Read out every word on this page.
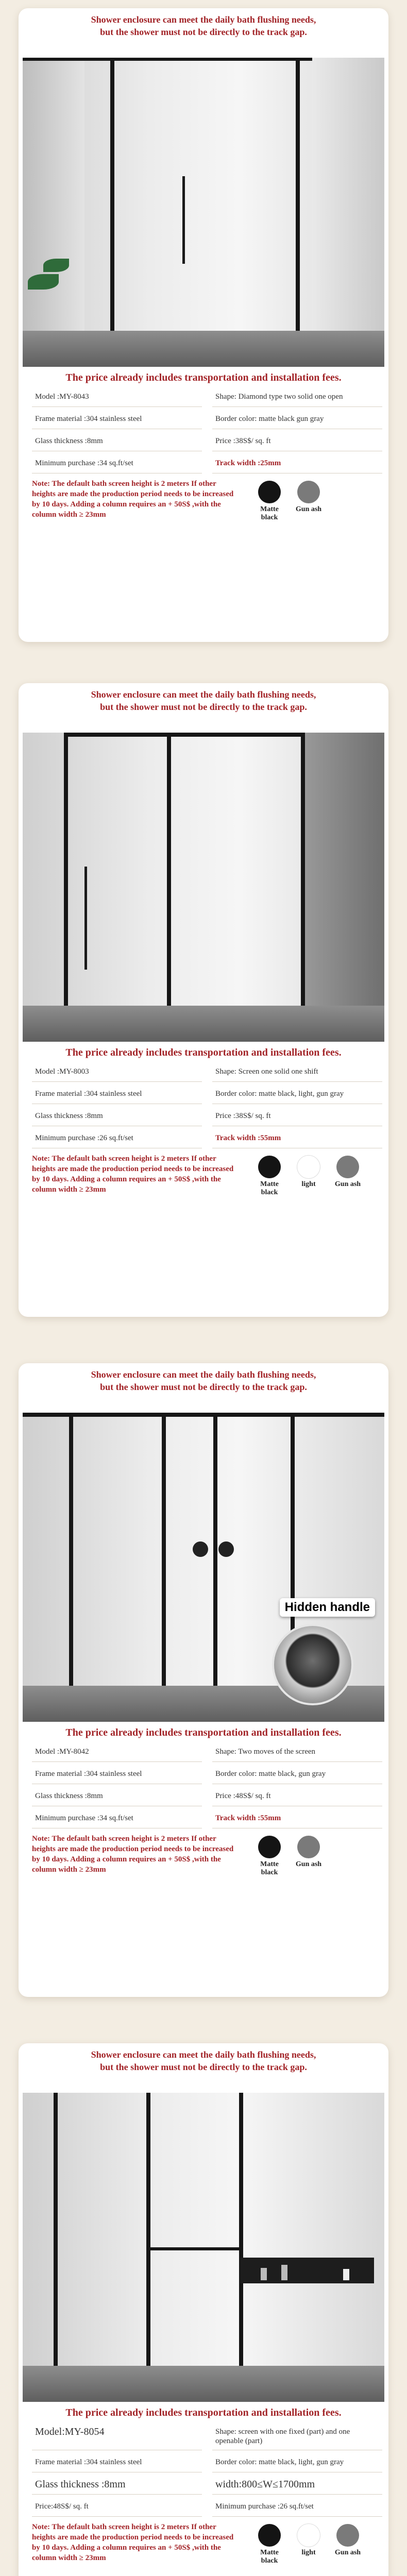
Shower enclosure can meet the daily bath flushing needs,
but the shower must not be directly to the track gap.

The price already includes transportation and installation fees.
Model :MY-8043	Shape: Diamond type two solid one open
Frame material :304 stainless steel	Border color: matte black gun gray
Glass thickness :8mm	Price :38S$/ sq. ft
Minimum purchase :34 sq.ft/set	Track width :25mm
Note: The default bath screen height is 2 meters If other heights are made the production period needs to be increased by 10 days. Adding a column requires an + 50S$ ,with the column width ≥ 23mm
Matte black
Gun ash

Shower enclosure can meet the daily bath flushing needs,
but the shower must not be directly to the track gap.

The price already includes transportation and installation fees.
Model :MY-8003	Shape: Screen one solid one shift
Frame material :304 stainless steel	Border color: matte black, light, gun gray
Glass thickness :8mm	Price :38S$/ sq. ft
Minimum purchase :26 sq.ft/set	Track width :55mm
Note: The default bath screen height is 2 meters If other heights are made the production period needs to be increased by 10 days. Adding a column requires an + 50S$ ,with the column width ≥ 23mm
Matte black
light	Gun ash

Shower enclosure can meet the daily bath flushing needs,
but the shower must not be directly to the track gap.

Hidden handle
The price already includes transportation and installation fees.
Model :MY-8042	Shape: Two moves of the screen
Frame material :304 stainless steel	Border color: matte black, gun gray
Glass thickness :8mm	Price :48S$/ sq. ft
Minimum purchase :34 sq.ft/set	Track width :55mm
Note: The default bath screen height is 2 meters If other heights are made the production period needs to be increased by 10 days. Adding a column requires an + 50S$ ,with the column width ≥ 23mm
Matte black
Gun ash

Shower enclosure can meet the daily bath flushing needs,
but the shower must not be directly to the track gap.

The price already includes transportation and installation fees.
Model:MY-8054	Shape: screen with one fixed (part) and one openable (part)
Frame material :304 stainless steel	Border color: matte black, light, gun gray
Glass thickness :8mm	width:800≤W≤1700mm
Price:48S$/ sq. ft	Minimum purchase :26 sq.ft/set
Note: The default bath screen height is 2 meters If other heights are made the production period needs to be increased by 10 days. Adding a column requires an + 50S$ ,with the column width ≥ 23mm
Matte black
light	Gun ash
